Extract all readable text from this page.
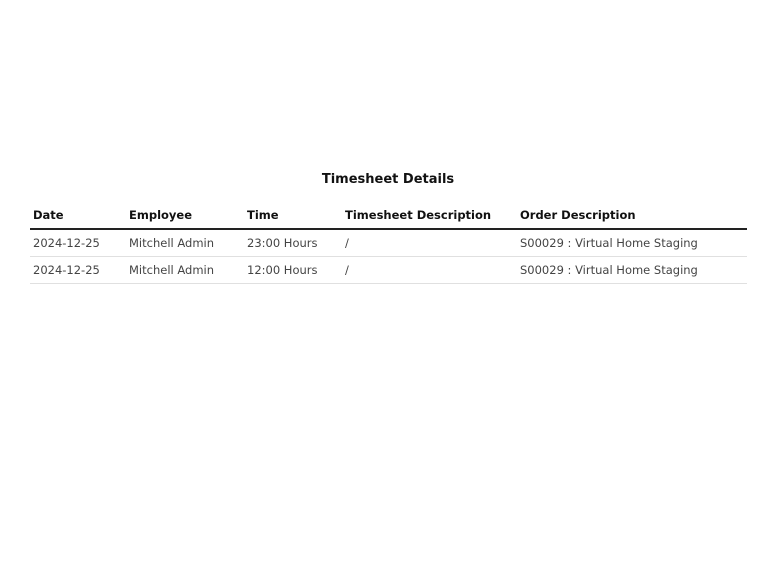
Timesheet Details
Date	Employee	Time	Timesheet Description	Order Description
2024-12-25	Mitchell Admin	23:00 Hours	/	S00029 : Virtual Home Staging
2024-12-25	Mitchell Admin	12:00 Hours	/	S00029 : Virtual Home Staging
